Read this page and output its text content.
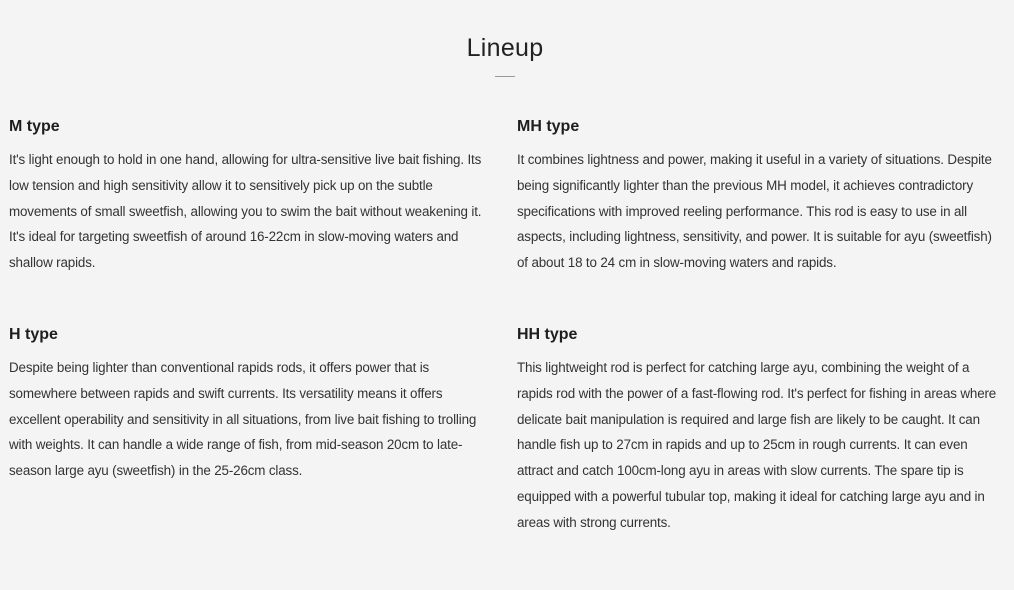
Lineup
M type

It's light enough to hold in one hand, allowing for ultra-sensitive live bait fishing. Its low tension and high sensitivity allow it to sensitively pick up on the subtle movements of small sweetfish, allowing you to swim the bait without weakening it. It's ideal for targeting sweetfish of around 16-22cm in slow-moving waters and shallow rapids.

MH type

It combines lightness and power, making it useful in a variety of situations. Despite being significantly lighter than the previous MH model, it achieves contradictory specifications with improved reeling performance. This rod is easy to use in all aspects, including lightness, sensitivity, and power. It is suitable for ayu (sweetfish) of about 18 to 24 cm in slow-moving waters and rapids.

H type

Despite being lighter than conventional rapids rods, it offers power that is somewhere between rapids and swift currents. Its versatility means it offers excellent operability and sensitivity in all situations, from live bait fishing to trolling with weights. It can handle a wide range of fish, from mid-season 20cm to late-season large ayu (sweetfish) in the 25-26cm class.

HH type

This lightweight rod is perfect for catching large ayu, combining the weight of a rapids rod with the power of a fast-flowing rod. It's perfect for fishing in areas where delicate bait manipulation is required and large fish are likely to be caught. It can handle fish up to 27cm in rapids and up to 25cm in rough currents. It can even attract and catch 100cm-long ayu in areas with slow currents. The spare tip is equipped with a powerful tubular top, making it ideal for catching large ayu and in areas with strong currents.
